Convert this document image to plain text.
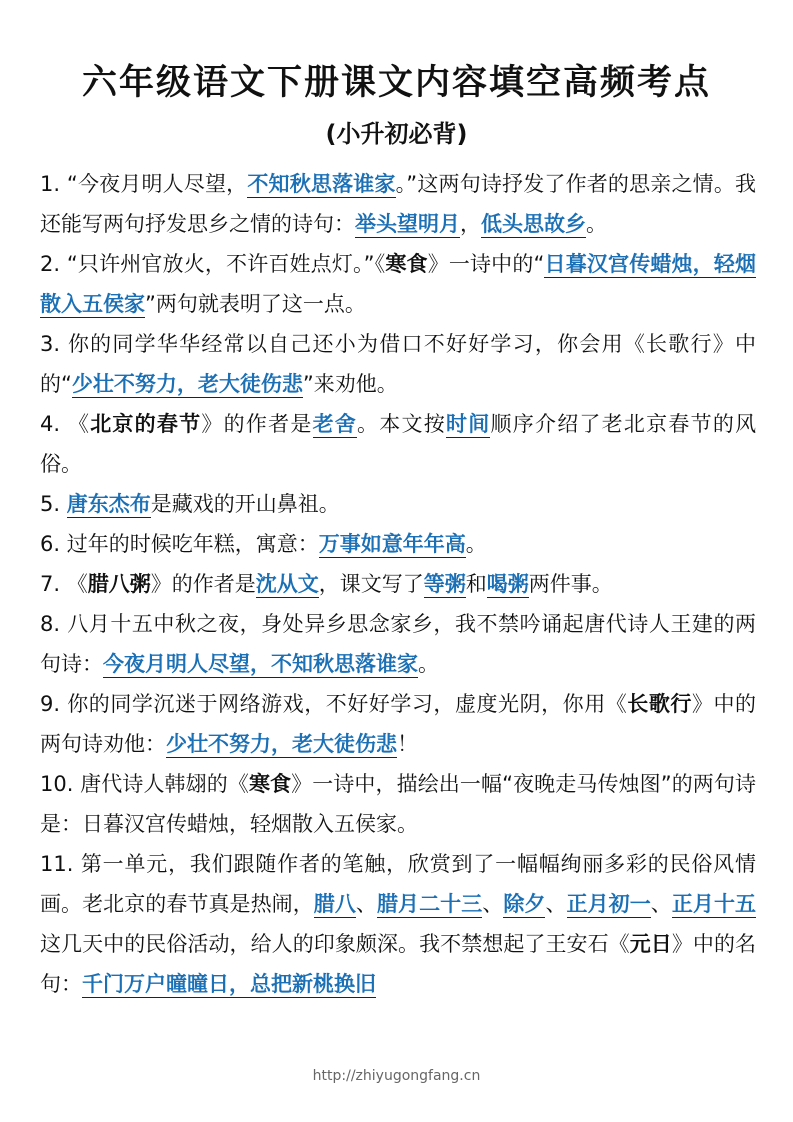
六年级语文下册课文内容填空高频考点
(小升初必背)

1. “今夜月明人尽望，不知秋思落谁家。”这两句诗抒发了作者的思亲之情。我还能写两句抒发思乡之情的诗句：举头望明月，低头思故乡。

2. “只许州官放火，不许百姓点灯。”《寒食》一诗中的“日暮汉宫传蜡烛，轻烟散入五侯家”两句就表明了这一点。

3. 你的同学华华经常以自己还小为借口不好好学习，你会用《长歌行》中的“少壮不努力，老大徒伤悲”来劝他。

4. 《北京的春节》的作者是老舍。本文按时间顺序介绍了老北京春节的风俗。

5. 唐东杰布是藏戏的开山鼻祖。

6. 过年的时候吃年糕，寓意：万事如意年年高。

7. 《腊八粥》的作者是沈从文，课文写了等粥和喝粥两件事。

8. 八月十五中秋之夜，身处异乡思念家乡，我不禁吟诵起唐代诗人王建的两句诗：今夜月明人尽望，不知秋思落谁家。

9. 你的同学沉迷于网络游戏，不好好学习，虚度光阴，你用《长歌行》中的两句诗劝他：少壮不努力，老大徒伤悲！

10. 唐代诗人韩翃的《寒食》一诗中，描绘出一幅“夜晚走马传烛图”的两句诗是：日暮汉宫传蜡烛，轻烟散入五侯家。

11. 第一单元，我们跟随作者的笔触，欣赏到了一幅幅绚丽多彩的民俗风情画。老北京的春节真是热闹，腊八、腊月二十三、除夕、正月初一、正月十五这几天中的民俗活动，给人的印象颇深。我不禁想起了王安石《元日》中的名句：千门万户曈曈日，总把新桃换旧

http://zhiyugongfang.cn
